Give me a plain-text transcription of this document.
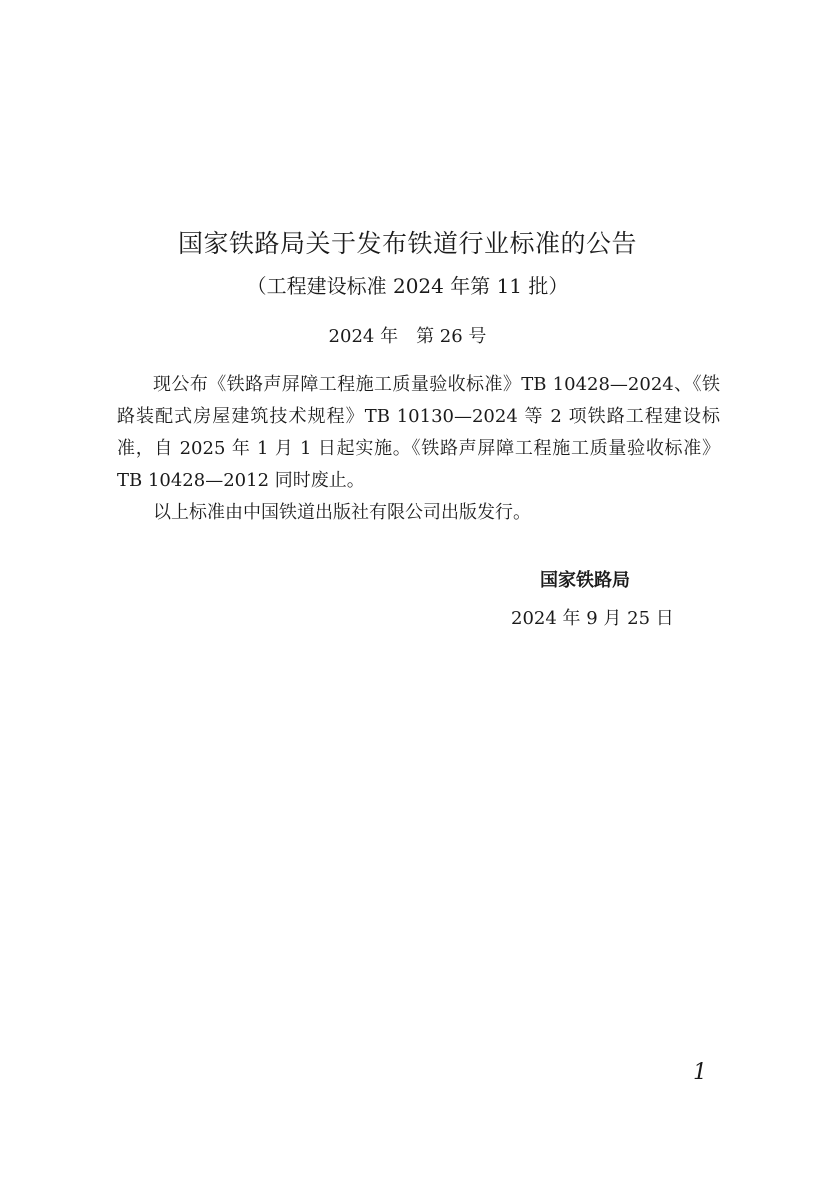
国家铁路局关于发布铁道行业标准的公告

（工程建设标准 2024 年第 11 批）

2024 年　第 26 号

现公布《铁路声屏障工程施工质量验收标准》TB 10428—2024、《铁路装配式房屋建筑技术规程》TB 10130—2024 等 2 项铁路工程建设标准，自 2025 年 1 月 1 日起实施。《铁路声屏障工程施工质量验收标准》TB 10428—2012 同时废止。

以上标准由中国铁道出版社有限公司出版发行。

国家铁路局

2024 年 9 月 25 日

1
